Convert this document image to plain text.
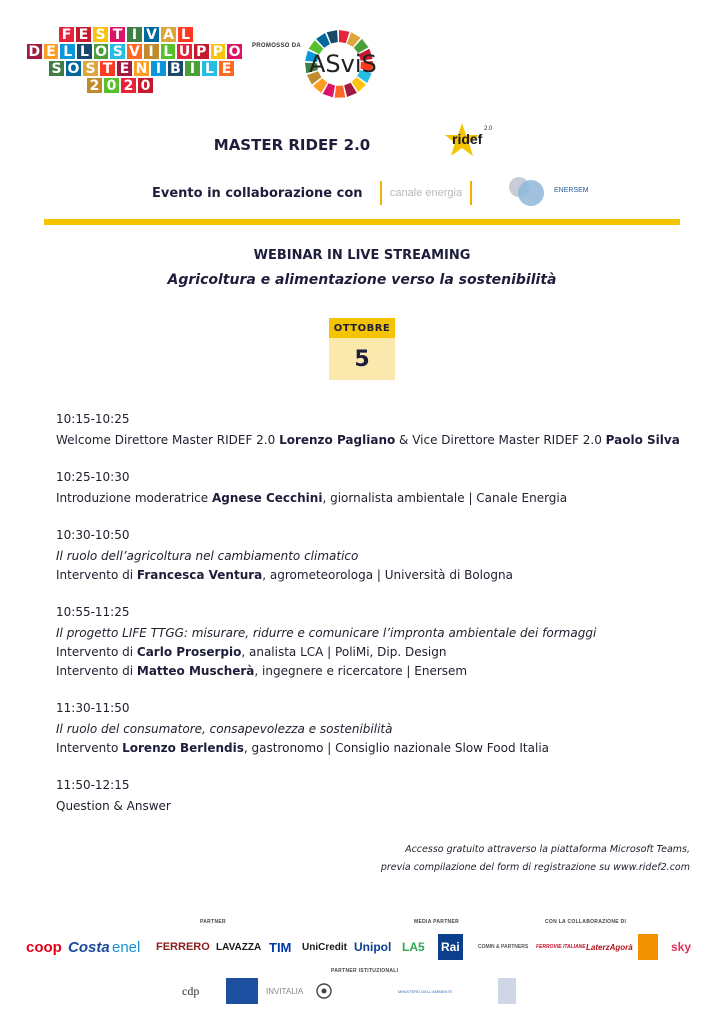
F E S T I V A L
D E L L O S V I L U P P O
S O S T E N I B I L E
2 0 2 0
PROMOSSO DA
ASviS
MASTER RIDEF 2.0	ridef
2.0
Evento in collaborazione con	canale energia	ENERSEM
WEBINAR IN LIVE STREAMING
Agricoltura e alimentazione verso la sostenibilità
OTTOBRE
5

10:15-10:25

Welcome Direttore Master RIDEF 2.0 Lorenzo Pagliano & Vice Direttore Master RIDEF 2.0 Paolo Silva

10:25-10:30

Introduzione moderatrice Agnese Cecchini, giornalista ambientale | Canale Energia

10:30-10:50

Il ruolo dell’agricoltura nel cambiamento climatico

Intervento di Francesca Ventura, agrometeorologa | Università di Bologna

10:55-11:25

Il progetto LIFE TTGG: misurare, ridurre e comunicare l’impronta ambientale dei formaggi

Intervento di Carlo Proserpio, analista LCA | PoliMi, Dip. Design

Intervento di Matteo Muscherà, ingegnere e ricercatore | Enersem

11:30-11:50

Il ruolo del consumatore, consapevolezza e sostenibilità

Intervento Lorenzo Berlendis, gastronomo | Consiglio nazionale Slow Food Italia

11:50-12:15

Question & Answer

Accesso gratuito attraverso la piattaforma Microsoft Teams,

previa compilazione del form di registrazione su www.ridef2.com

PARTNER	MEDIA PARTNER	CON LA COLLABORAZIONE DI
coop Costa enel FERRERO LAVAZZA TIM UniCredit Unipol LA5 Rai	COMIN & PARTNERS FERROVIE ITALIANE LaterzAgorà	sky
PARTNER ISTITUZIONALI
cdp	INVITALIA	MINISTERO DELL'AMBIENTE
